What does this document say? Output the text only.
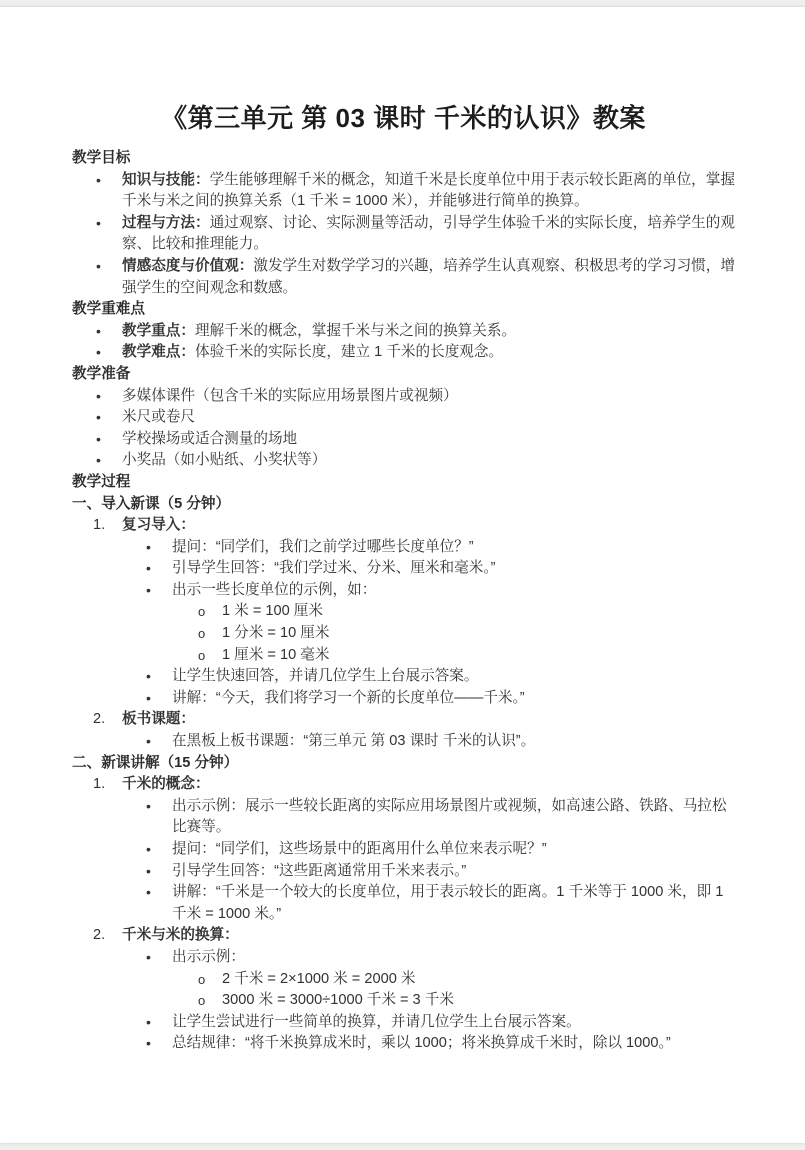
《第三单元 第 03 课时 千米的认识》教案
教学目标
•	知识与技能：学生能够理解千米的概念，知道千米是长度单位中用于表示较长距离的单位，掌握千米与米之间的换算关系（1 千米 = 1000 米），并能够进行简单的换算。
•	过程与方法：通过观察、讨论、实际测量等活动，引导学生体验千米的实际长度，培养学生的观察、比较和推理能力。
•	情感态度与价值观：激发学生对数学学习的兴趣，培养学生认真观察、积极思考的学习习惯，增强学生的空间观念和数感。
教学重难点
•	教学重点：理解千米的概念，掌握千米与米之间的换算关系。
•	教学难点：体验千米的实际长度，建立 1 千米的长度观念。
教学准备
•	多媒体课件（包含千米的实际应用场景图片或视频）
•	米尺或卷尺
•	学校操场或适合测量的场地
•	小奖品（如小贴纸、小奖状等）
教学过程
一、导入新课（5 分钟）
1.	复习导入：
•	提问：“同学们，我们之前学过哪些长度单位？”
•	引导学生回答：“我们学过米、分米、厘米和毫米。”
•	出示一些长度单位的示例，如：
o	1 米 = 100 厘米
o	1 分米 = 10 厘米
o	1 厘米 = 10 毫米
•	让学生快速回答，并请几位学生上台展示答案。
•	讲解：“今天，我们将学习一个新的长度单位——千米。”
2.	板书课题：
•	在黑板上板书课题：“第三单元 第 03 课时 千米的认识”。
二、新课讲解（15 分钟）
1.	千米的概念：
•	出示示例：展示一些较长距离的实际应用场景图片或视频，如高速公路、铁路、马拉松比赛等。
•	提问：“同学们，这些场景中的距离用什么单位来表示呢？”
•	引导学生回答：“这些距离通常用千米来表示。”
•	讲解：“千米是一个较大的长度单位，用于表示较长的距离。1 千米等于 1000 米，即 1 千米 = 1000 米。”
2.	千米与米的换算：
•	出示示例：
o	2 千米 = 2×1000 米 = 2000 米
o	3000 米 = 3000÷1000 千米 = 3 千米
•	让学生尝试进行一些简单的换算，并请几位学生上台展示答案。
•	总结规律：“将千米换算成米时，乘以 1000；将米换算成千米时，除以 1000。”
